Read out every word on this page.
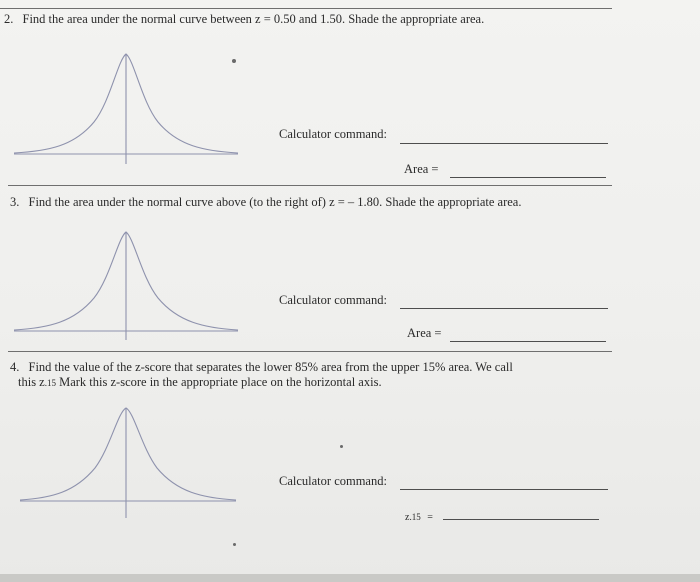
2. Find the area under the normal curve between z = 0.50 and 1.50. Shade the appropriate area.
Calculator command:
Area =
3. Find the area under the normal curve above (to the right of) z = – 1.80. Shade the appropriate area.
Calculator command:
Area =
4. Find the value of the z-score that separates the lower 85% area from the upper 15% area. We call
this z.15 Mark this z-score in the appropriate place on the horizontal axis.
Calculator command:
z.15 =
